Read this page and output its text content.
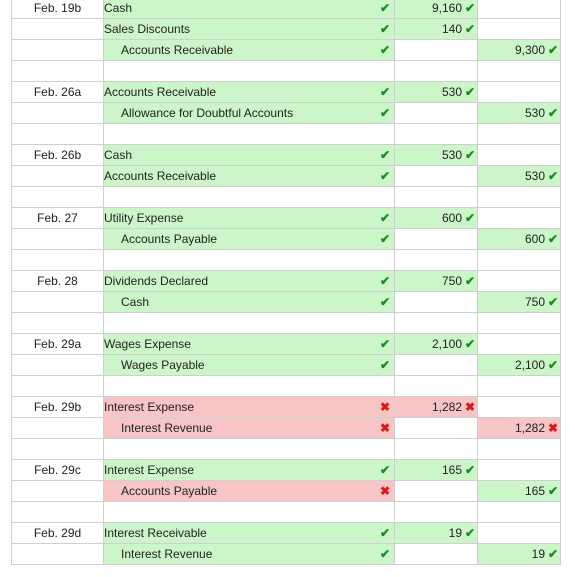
Feb. 19b	Cash ✔	9,160 ✔	
	Sales Discounts ✔	140 ✔	
	Accounts Receivable ✔		9,300 ✔

Feb. 26a	Accounts Receivable ✔	530 ✔	
	Allowance for Doubtful Accounts ✔		530 ✔

Feb. 26b	Cash ✔	530 ✔	
	Accounts Receivable ✔		530 ✔

Feb. 27	Utility Expense ✔	600 ✔	
	Accounts Payable ✔		600 ✔

Feb. 28	Dividends Declared ✔	750 ✔	
	Cash ✔		750 ✔

Feb. 29a	Wages Expense ✔	2,100 ✔	
	Wages Payable ✔		2,100 ✔

Feb. 29b	Interest Expense ✖	1,282 ✖	
	Interest Revenue ✖		1,282 ✖

Feb. 29c	Interest Expense ✔	165 ✔	
	Accounts Payable ✖		165 ✔

Feb. 29d	Interest Receivable ✔	19 ✔	
	Interest Revenue ✔		19 ✔
